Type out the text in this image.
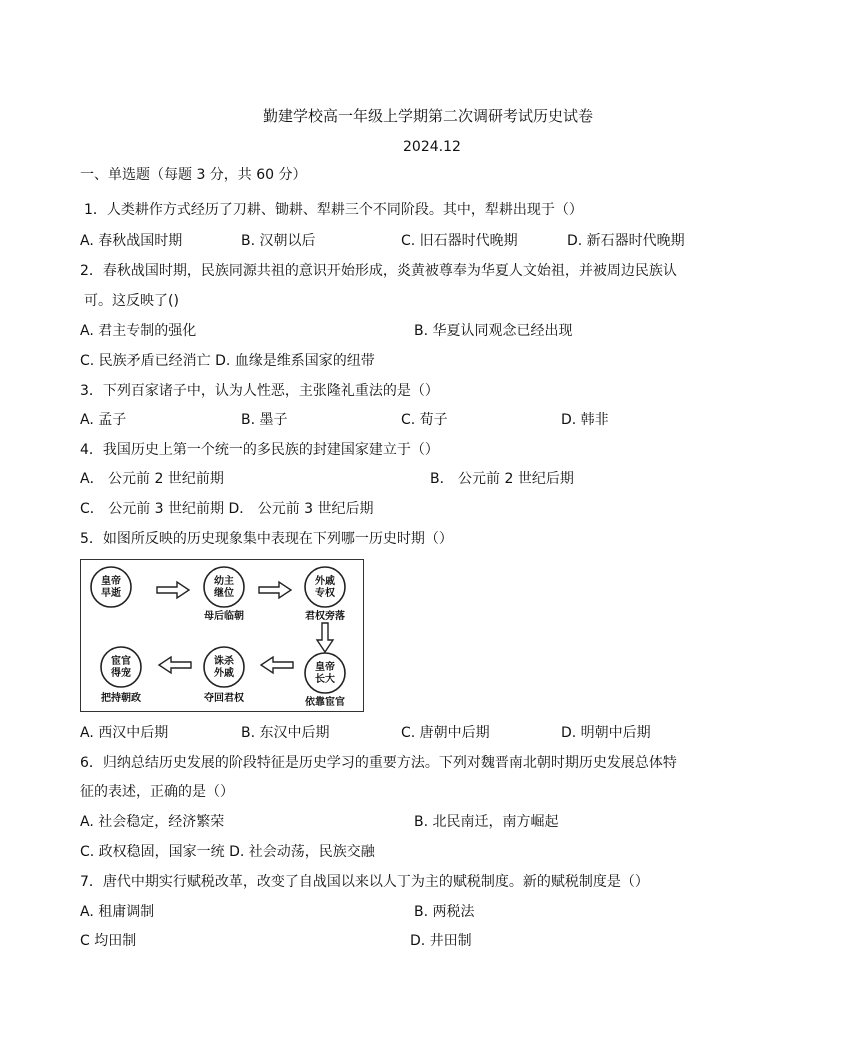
勤建学校高一年级上学期第二次调研考试历史试卷
2024.12
一、单选题（每题 3 分，共 60 分）
1．人类耕作方式经历了刀耕、锄耕、犁耕三个不同阶段。其中，犁耕出现于（）
A. 春秋战国时期	B. 汉朝以后	C. 旧石器时代晚期	D. 新石器时代晚期
2．春秋战国时期，民族同源共祖的意识开始形成，炎黄被尊奉为华夏人文始祖，并被周边民族认
可。这反映了()
A. 君主专制的强化	B. 华夏认同观念已经出现
C. 民族矛盾已经消亡 D. 血缘是维系国家的纽带
3．下列百家诸子中，认为人性恶，主张隆礼重法的是（）
A. 孟子	B. 墨子	C. 荀子	D. 韩非
4．我国历史上第一个统一的多民族的封建国家建立于（）
A． 公元前 2 世纪前期	B． 公元前 2 世纪后期
C． 公元前 3 世纪前期 D． 公元前 3 世纪后期
5．如图所反映的历史现象集中表现在下列哪一历史时期（）
皇帝
早逝
幼主
继位
母后临朝
外戚
专权
君权旁落
皇帝
长大
依靠宦官
诛杀
外戚
夺回君权
宦官
得宠
把持朝政
A. 西汉中后期	B. 东汉中后期	C. 唐朝中后期	D. 明朝中后期
6．归纳总结历史发展的阶段特征是历史学习的重要方法。下列对魏晋南北朝时期历史发展总体特
征的表述，正确的是（）
A. 社会稳定，经济繁荣	B. 北民南迁，南方崛起
C. 政权稳固，国家一统 D. 社会动荡，民族交融
7．唐代中期实行赋税改革，改变了自战国以来以人丁为主的赋税制度。新的赋税制度是（）
A. 租庸调制	B. 两税法
C 均田制	D. 井田制
